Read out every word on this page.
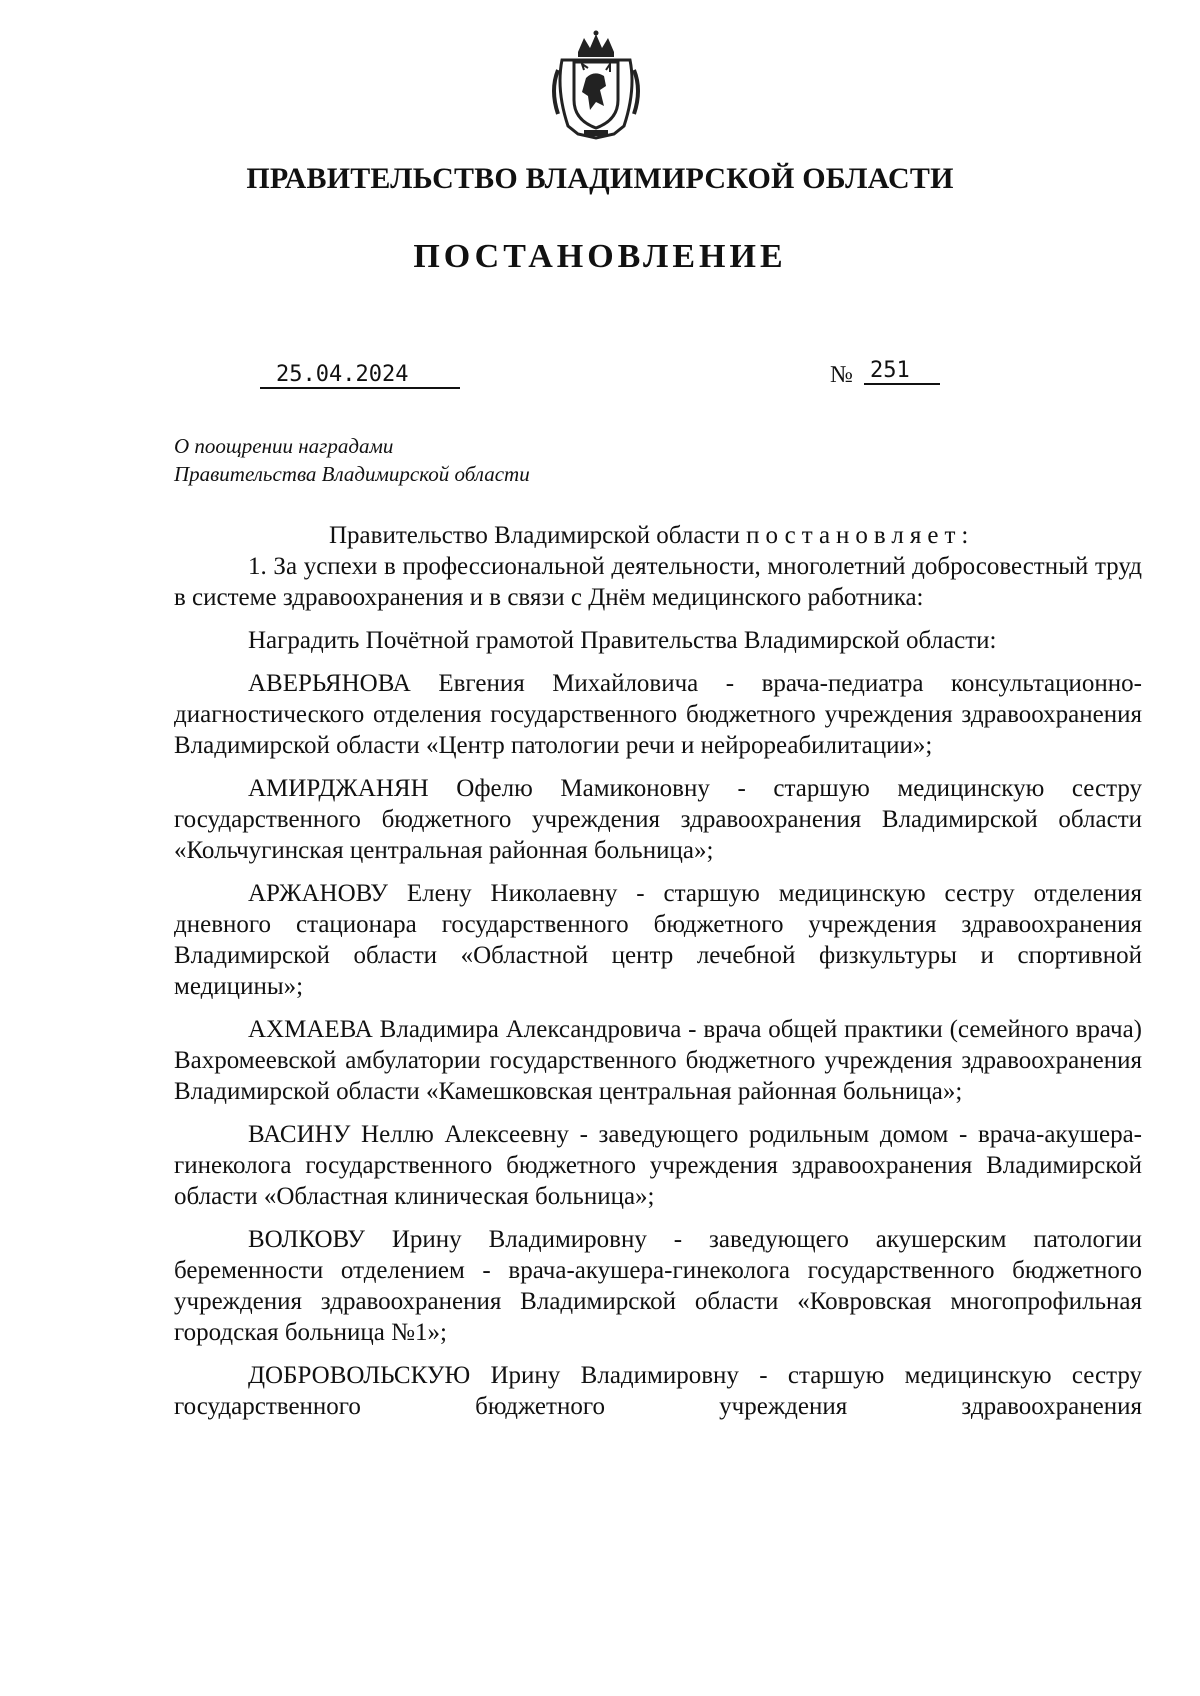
ПРАВИТЕЛЬСТВО ВЛАДИМИРСКОЙ ОБЛАСТИ
ПОСТАНОВЛЕНИЕ
25.04.2024	№ 251
О поощрении наградами
Правительства Владимирской области

Правительство Владимирской области постановляет:

1. За успехи в профессиональной деятельности, многолетний добросовестный труд в системе здравоохранения и в связи с Днём медицинского работника:

Наградить Почётной грамотой Правительства Владимирской области:

АВЕРЬЯНОВА Евгения Михайловича - врача-педиатра консультационно-диагностического отделения государственного бюджетного учреждения здравоохранения Владимирской области «Центр патологии речи и нейрореабилитации»;

АМИРДЖАНЯН Офелю Мамиконовну - старшую медицинскую сестру государственного бюджетного учреждения здравоохранения Владимирской области «Кольчугинская центральная районная больница»;

АРЖАНОВУ Елену Николаевну - старшую медицинскую сестру отделения дневного стационара государственного бюджетного учреждения здравоохранения Владимирской области «Областной центр лечебной физкультуры и спортивной медицины»;

АХМАЕВА Владимира Александровича - врача общей практики (семейного врача) Вахромеевской амбулатории государственного бюджетного учреждения здравоохранения Владимирской области «Камешковская центральная районная больница»;

ВАСИНУ Неллю Алексеевну - заведующего родильным домом - врача-акушера-гинеколога государственного бюджетного учреждения здравоохранения Владимирской области «Областная клиническая больница»;

ВОЛКОВУ Ирину Владимировну - заведующего акушерским патологии беременности отделением - врача-акушера-гинеколога государственного бюджетного учреждения здравоохранения Владимирской области «Ковровская многопрофильная городская больница №1»;

ДОБРОВОЛЬСКУЮ Ирину Владимировну - старшую медицинскую сестру государственного бюджетного учреждения здравоохранения
